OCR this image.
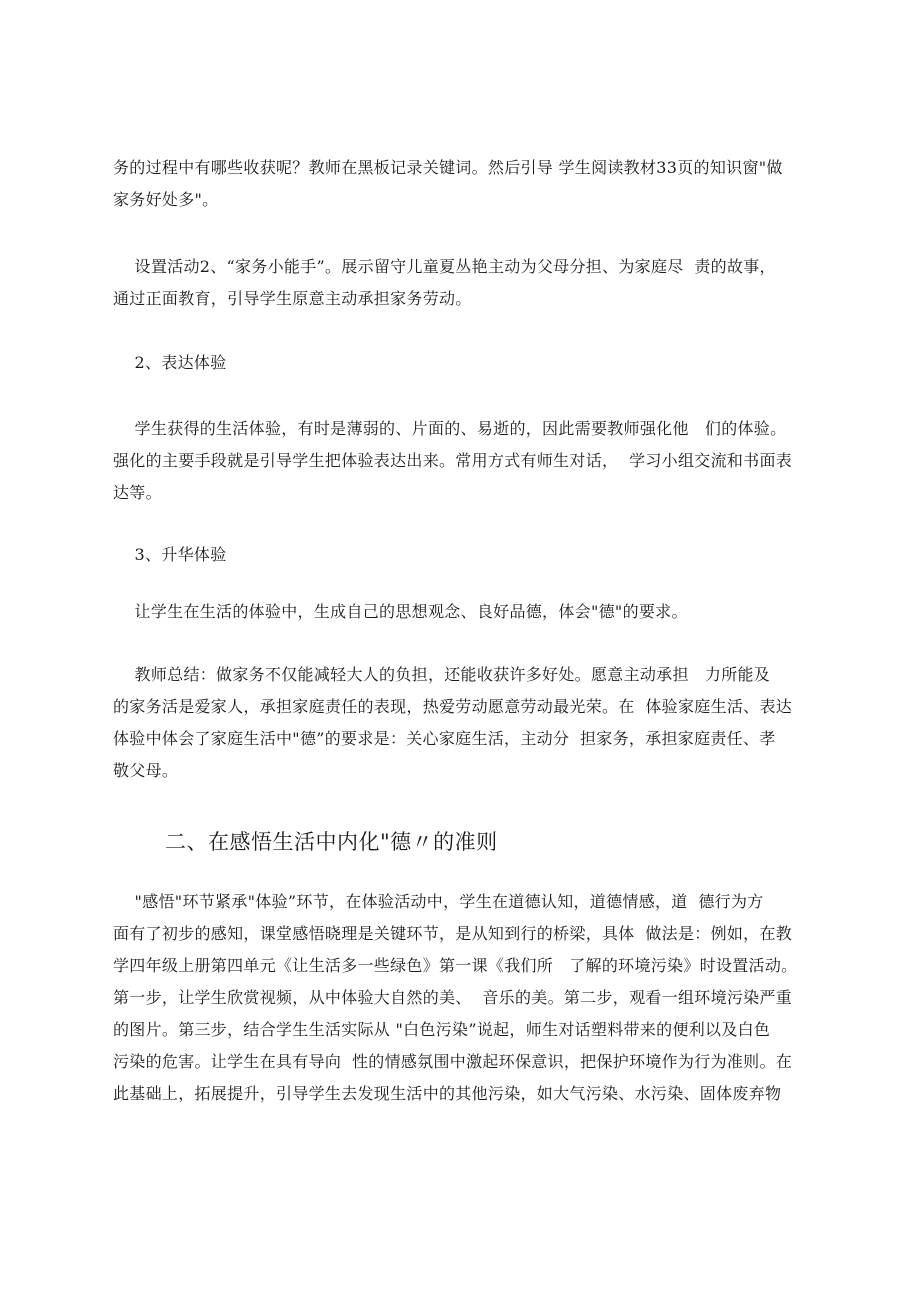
务的过程中有哪些收获呢？教师在黑板记录关键词。然后引导 学生阅读教材33页的知识窗"做
家务好处多"。
设置活动2、“家务小能手”。展示留守儿童夏丛艳主动为父母分担、为家庭尽  责的故事，
通过正面教育，引导学生原意主动承担家务劳动。
2、表达体验
学生获得的生活体验，有时是薄弱的、片面的、易逝的，因此需要教师强化他   们的体验。
强化的主要手段就是引导学生把体验表达出来。常用方式有师生对话，  学习小组交流和书面表
达等。
3、升华体验
让学生在生活的体验中，生成自己的思想观念、良好品德，体会"德"的要求。
教师总结：做家务不仅能减轻大人的负担，还能收获许多好处。愿意主动承担   力所能及
的家务活是爱家人，承担家庭责任的表现，热爱劳动愿意劳动最光荣。在  体验家庭生活、表达
体验中体会了家庭生活中"德”的要求是：关心家庭生活，主动分  担家务，承担家庭责任、孝
敬父母。
二、在感悟生活中内化"德〃的准则
"感悟"环节紧承"体验”环节，在体验活动中，学生在道德认知，道德情感，道  德行为方
面有了初步的感知，课堂感悟晓理是关键环节，是从知到行的桥梁，具体  做法是：例如，在教
学四年级上册第四单元《让生活多一些绿色》第一课《我们所   了解的环境污染》时设置活动。
第一步，让学生欣赏视频，从中体验大自然的美、  音乐的美。第二步，观看一组环境污染严重
的图片。第三步，结合学生生活实际从 "白色污染”说起，师生对话塑料带来的便利以及白色
污染的危害。让学生在具有导向  性的情感氛围中激起环保意识，把保护环境作为行为准则。在
此基础上，拓展提升，引导学生去发现生活中的其他污染，如大气污染、水污染、固体废弃物
